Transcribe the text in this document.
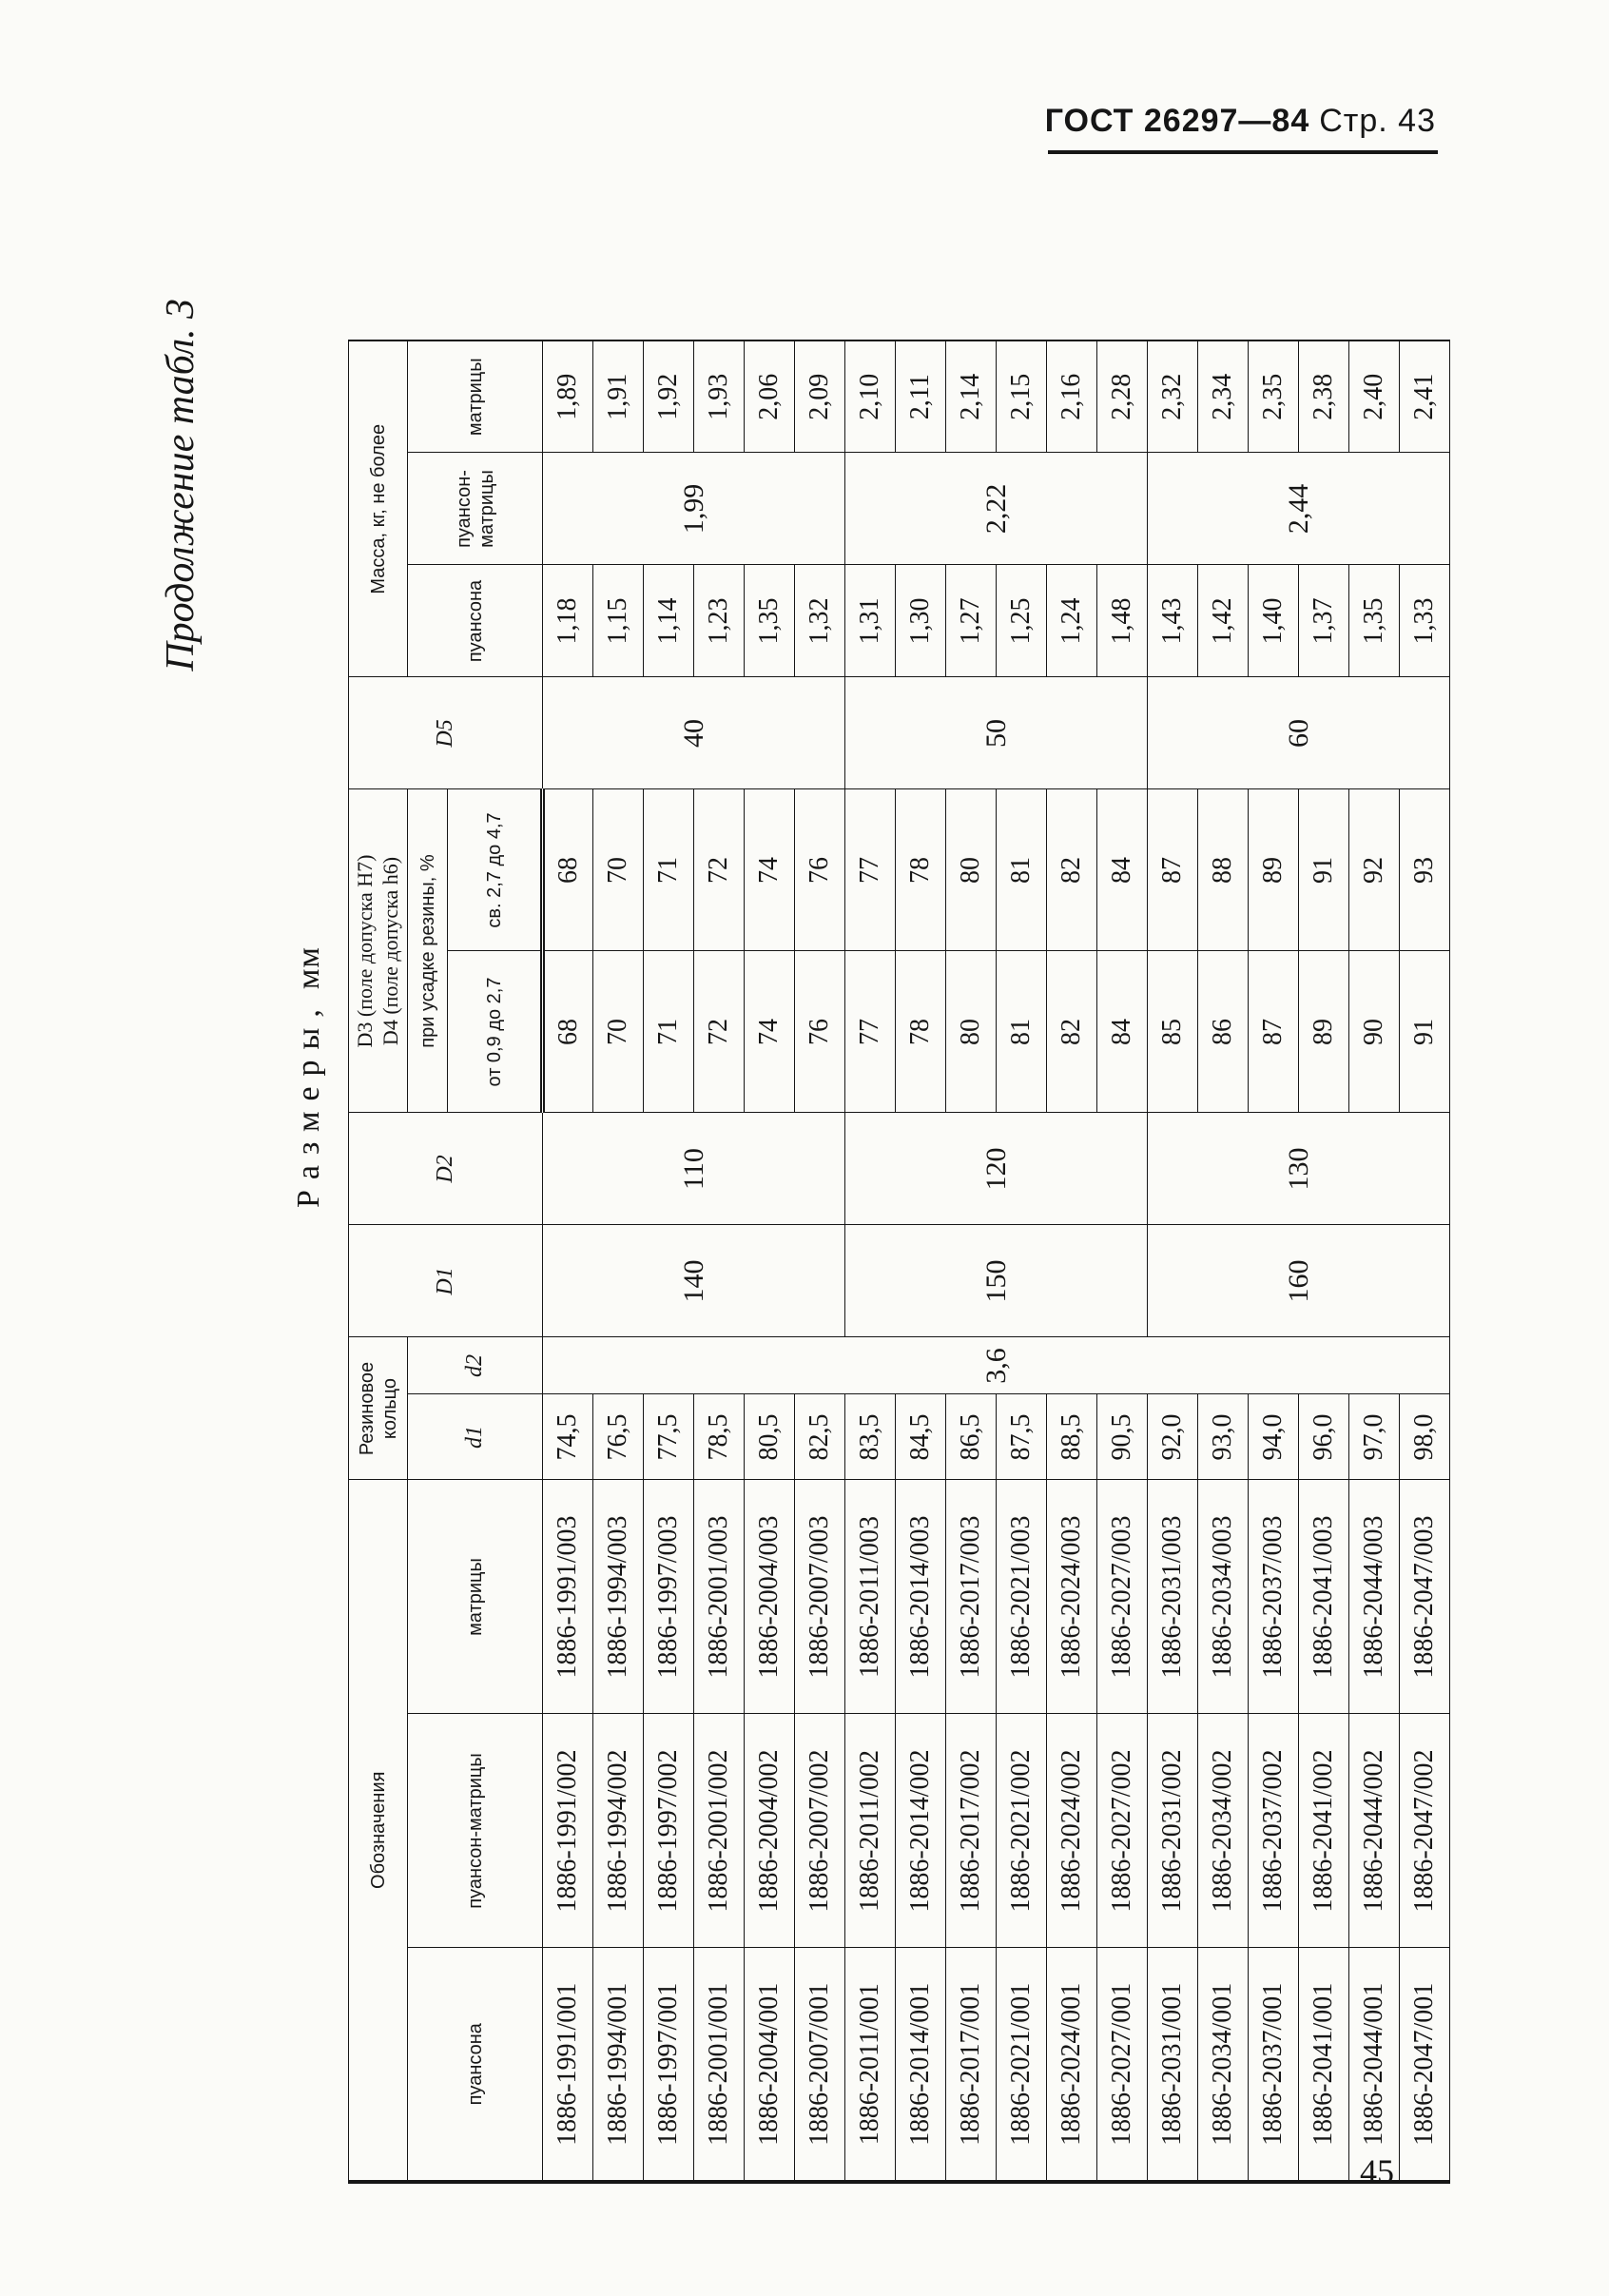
ГОСТ 26297—84 Стр. 43
45
Продолжение табл. 3
Размеры,мм
Обозначения			Резиновое кольцо		D1	D2	D3 (поле допуска H7) D4 (поле допуска h6)		D5	Масса, кг, не более		
пуансона	пуансон-матрицы	матрицы	d1	d2			при усадке резины, %			пуансона	пуансон-матрицы	матрицы
							от 0,9 до 2,7	св. 2,7 до 4,7				
1886-1991/001	1886-1991/002	1886-1991/003	74,5	3,6	140	110	68	68	40	1,18	1,99	1,89
1886-1994/001	1886-1994/002	1886-1994/003	76,5				70	70		1,15		1,91
1886-1997/001	1886-1997/002	1886-1997/003	77,5				71	71		1,14		1,92
1886-2001/001	1886-2001/002	1886-2001/003	78,5				72	72		1,23		1,93
1886-2004/001	1886-2004/002	1886-2004/003	80,5				74	74		1,35		2,06
1886-2007/001	1886-2007/002	1886-2007/003	82,5				76	76		1,32		2,09
1886-2011/001	1886-2011/002	1886-2011/003	83,5		150	120	77	77	50	1,31	2,22	2,10
1886-2014/001	1886-2014/002	1886-2014/003	84,5				78	78		1,30		2,11
1886-2017/001	1886-2017/002	1886-2017/003	86,5				80	80		1,27		2,14
1886-2021/001	1886-2021/002	1886-2021/003	87,5				81	81		1,25		2,15
1886-2024/001	1886-2024/002	1886-2024/003	88,5				82	82		1,24		2,16
1886-2027/001	1886-2027/002	1886-2027/003	90,5				84	84		1,48		2,28
1886-2031/001	1886-2031/002	1886-2031/003	92,0		160	130	85	87	60	1,43	2,44	2,32
1886-2034/001	1886-2034/002	1886-2034/003	93,0				86	88		1,42		2,34
1886-2037/001	1886-2037/002	1886-2037/003	94,0				87	89		1,40		2,35
1886-2041/001	1886-2041/002	1886-2041/003	96,0				89	91		1,37		2,38
1886-2044/001	1886-2044/002	1886-2044/003	97,0				90	92		1,35		2,40
1886-2047/001	1886-2047/002	1886-2047/003	98,0				91	93		1,33		2,41
